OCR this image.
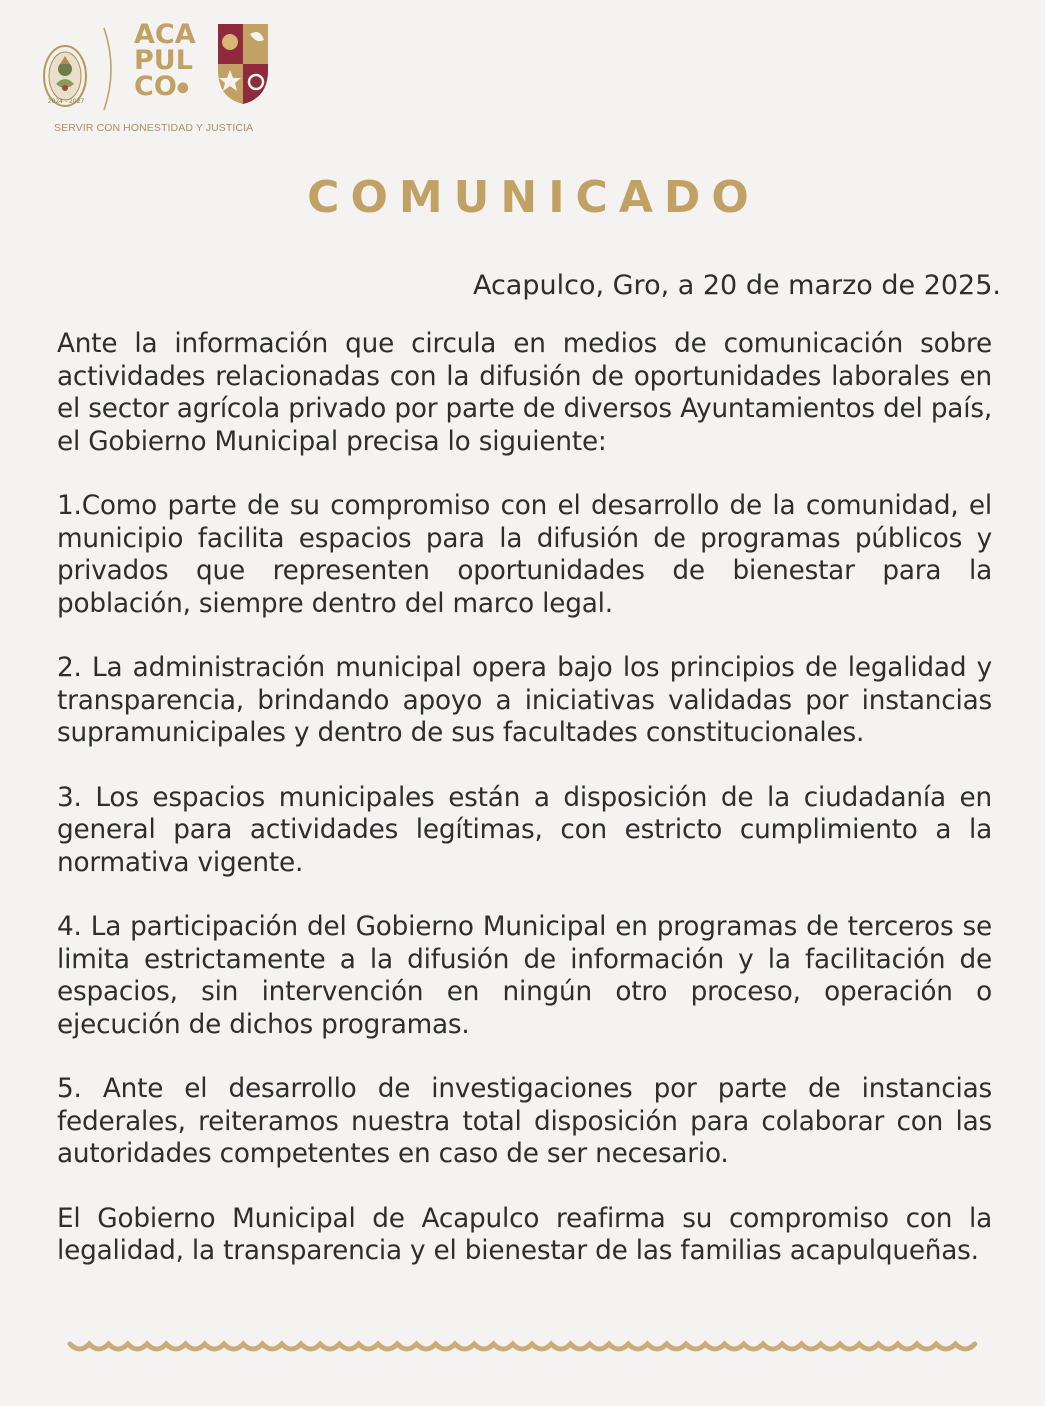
2024 - 2027
ACA
PUL
CO●
SERVIR CON HONESTIDAD Y JUSTICIA
COMUNICADO

Acapulco, Gro, a 20 de marzo de 2025.

Ante la información que circula en medios de comunicación sobre actividades relacionadas con la difusión de oportunidades laborales en el sector agrícola privado por parte de diversos Ayuntamientos del país, el Gobierno Municipal precisa lo siguiente:

1.Como parte de su compromiso con el desarrollo de la comunidad, el municipio facilita espacios para la difusión de programas públicos y privados que representen oportunidades de bienestar para la población, siempre dentro del marco legal.

2. La administración municipal opera bajo los principios de legalidad y transparencia, brindando apoyo a iniciativas validadas por instancias supramunicipales y dentro de sus facultades constitucionales.

3. Los espacios municipales están a disposición de la ciudadanía en general para actividades legítimas, con estricto cumplimiento a la normativa vigente.

4. La participación del Gobierno Municipal en programas de terceros se limita estrictamente a la difusión de información y la facilitación de espacios, sin intervención en ningún otro proceso, operación o ejecución de dichos programas.

5. Ante el desarrollo de investigaciones por parte de instancias federales, reiteramos nuestra total disposición para colaborar con las autoridades competentes en caso de ser necesario.

El Gobierno Municipal de Acapulco reafirma su compromiso con la legalidad, la transparencia y el bienestar de las familias acapulqueñas.
